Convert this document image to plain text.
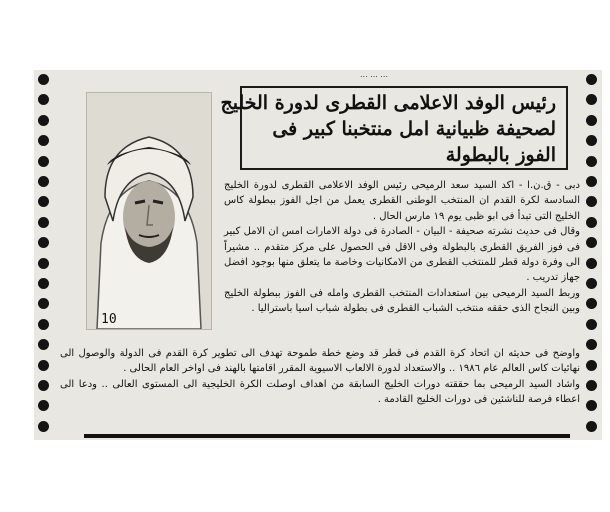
... ... ...
رئيس الوفد الاعلامى القطرى لدورة الخليج
لصحيفة ظبيانية امل منتخبنا كبير فى
الفوز بالبطولة
10

دبى - ق.ن.ا - اكد السيد سعد الرميحى رئيس الوفد الاعلامى القطرى لدورة الخليج السادسة لكرة القدم ان المنتخب الوطنى القطرى يعمل من اجل الفوز ببطولة كاس الخليج التى تبدأ فى ابو ظبى يوم ١٩ مارس الحال .

وقال فى حديث نشرته صحيفة - البيان - الصادرة فى دولة الامارات امس ان الامل كبير فى فوز الفريق القطرى بالبطولة وفى الاقل فى الحصول على مركز متقدم .. مشيراً الى وفرة دولة قطر للمنتخب القطرى من الامكانيات وخاصة ما يتعلق منها بوجود افضل جهاز تدريب .

وربط السيد الرميحى بين استعدادات المنتخب القطرى وامله فى الفوز ببطولة الخليج وبين النجاح الذى حققه منتخب الشباب القطرى فى بطولة شباب اسيا باستراليا .

واوضح فى حديثه ان اتحاد كرة القدم فى قطر قد وضع خطة طموحة تهدف الى تطوير كرة القدم فى الدولة والوصول الى نهائيات كاس العالم عام ١٩٨٦ .. والاستعداد لدورة الالعاب الاسيوية المقرر اقامتها بالهند فى اواخر العام الحالى .

واشاد السيد الرميحى بما حققته دورات الخليج السابقة من اهداف اوصلت الكرة الخليجية الى المستوى العالى .. ودعا الى اعطاء فرصة للناشئين فى دورات الخليج القادمة .
